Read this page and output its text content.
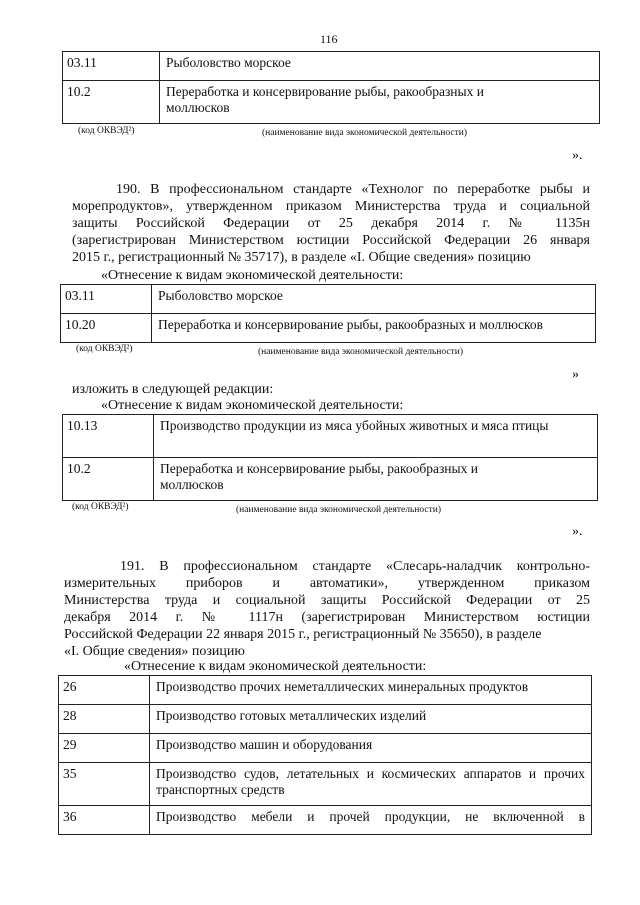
116
03.11	Рыболовство морское
10.2	Переработка и консервирование рыбы, ракообразных и моллюсков
(код ОКВЭД²)	(наименование вида экономической деятельности)
».
190. В профессиональном стандарте «Технолог по переработке рыбы и
морепродуктов», утвержденном приказом Министерства труда и социальной
защиты Российской Федерации от 25 декабря 2014 г. № 1135н
(зарегистрирован Министерством юстиции Российской Федерации 26 января
2015 г., регистрационный № 35717), в разделе «I. Общие сведения» позицию
«Отнесение к видам экономической деятельности:
03.11	Рыболовство морское
10.20	Переработка и консервирование рыбы, ракообразных и моллюсков
(код ОКВЭД²)	(наименование вида экономической деятельности)
»
изложить в следующей редакции:
«Отнесение к видам экономической деятельности:
10.13	Производство продукции из мяса убойных животных и мяса птицы
10.2	Переработка и консервирование рыбы, ракообразных и моллюсков
(код ОКВЭД²)	(наименование вида экономической деятельности)
».
191. В профессиональном стандарте «Слесарь-наладчик контрольно-
измерительных приборов и автоматики», утвержденном приказом
Министерства труда и социальной защиты Российской Федерации от 25
декабря 2014 г. № 1117н (зарегистрирован Министерством юстиции
Российской Федерации 22 января 2015 г., регистрационный № 35650), в разделе
«I. Общие сведения» позицию
«Отнесение к видам экономической деятельности:
26	Производство прочих неметаллических минеральных продуктов
28	Производство готовых металлических изделий
29	Производство машин и оборудования
35	Производство судов, летательных и космических аппаратов и прочих транспортных средств
36	Производство мебели и прочей продукции, не включенной в
